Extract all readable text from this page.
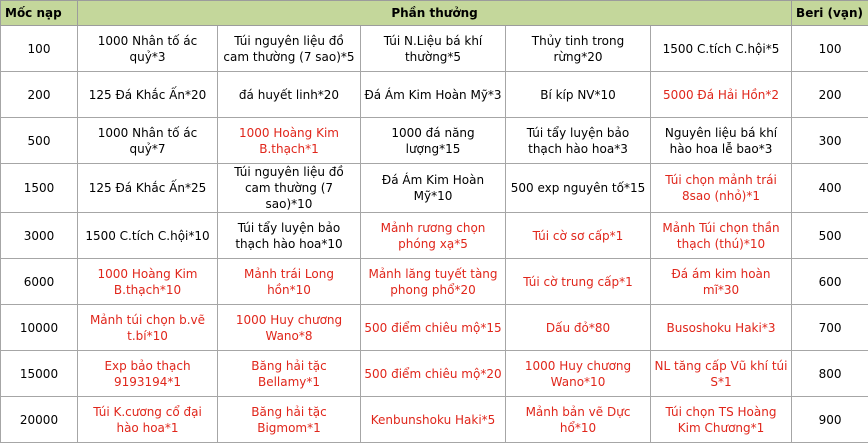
Mốc nạp	Phần thưởng					Beri (vạn)
100	1000 Nhân tố ác quỷ*3	Túi nguyên liệu đồ cam thường (7 sao)*5	Túi N.Liệu bá khí thường*5	Thủy tinh trong rừng*20	1500 C.tích C.hội*5	100
200	125 Đá Khắc Ấn*20	đá huyết linh*20	Đá Ám Kim Hoàn Mỹ*3	Bí kíp NV*10	5000 Đá Hải Hồn*2	200
500	1000 Nhân tố ác quỷ*7	1000 Hoàng Kim B.thạch*1	1000 đá năng lượng*15	Túi tẩy luyện bảo thạch hào hoa*3	Nguyên liệu bá khí hào hoa lễ bao*3	300
1500	125 Đá Khắc Ấn*25	Túi nguyên liệu đồ cam thường (7 sao)*10	Đá Ám Kim Hoàn Mỹ*10	500 exp nguyên tố*15	Túi chọn mảnh trái 8sao (nhỏ)*1	400
3000	1500 C.tích C.hội*10	Túi tẩy luyện bảo thạch hào hoa*10	Mảnh rương chọn phóng xạ*5	Túi cờ sơ cấp*1	Mảnh Túi chọn thần thạch (thú)*10	500
6000	1000 Hoàng Kim B.thạch*10	Mảnh trái Long hồn*10	Mảnh lăng tuyết tàng phong phổ*20	Túi cờ trung cấp*1	Đá ám kim hoàn mĩ*30	600
10000	Mảnh túi chọn b.vẽ t.bí*10	1000 Huy chương Wano*8	500 điểm chiêu mộ*15	Dấu đỏ*80	Busoshoku Haki*3	700
15000	Exp bảo thạch 9193194*1	Băng hải tặc Bellamy*1	500 điểm chiêu mộ*20	1000 Huy chương Wano*10	NL tăng cấp Vũ khí túi S*1	800
20000	Túi K.cương cổ đại hào hoa*1	Băng hải tặc Bigmom*1	Kenbunshoku Haki*5	Mảnh bản vẽ Dực hổ*10	Túi chọn TS Hoàng Kim Chương*1	900
